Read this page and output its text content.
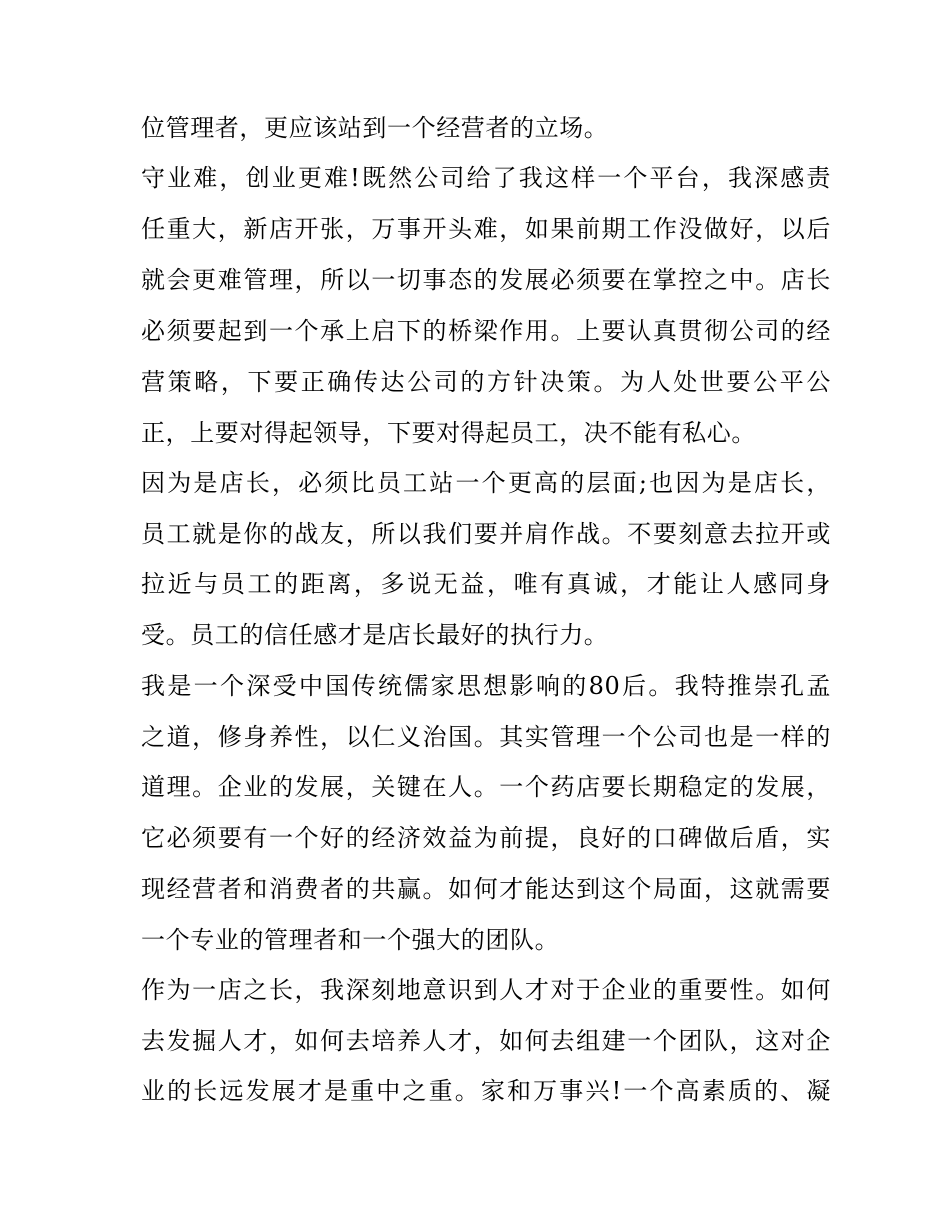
位管理者，更应该站到一个经营者的立场。
守业难，创业更难!既然公司给了我这样一个平台，我深感责
任重大，新店开张，万事开头难，如果前期工作没做好，以后
就会更难管理，所以一切事态的发展必须要在掌控之中。店长
必须要起到一个承上启下的桥梁作用。上要认真贯彻公司的经
营策略，下要正确传达公司的方针决策。为人处世要公平公
正，上要对得起领导，下要对得起员工，决不能有私心。
因为是店长，必须比员工站一个更高的层面;也因为是店长，
员工就是你的战友，所以我们要并肩作战。不要刻意去拉开或
拉近与员工的距离，多说无益，唯有真诚，才能让人感同身
受。员工的信任感才是店长最好的执行力。
我是一个深受中国传统儒家思想影响的80后。我特推崇孔孟
之道，修身养性，以仁义治国。其实管理一个公司也是一样的
道理。企业的发展，关键在人。一个药店要长期稳定的发展，
它必须要有一个好的经济效益为前提，良好的口碑做后盾，实
现经营者和消费者的共赢。如何才能达到这个局面，这就需要
一个专业的管理者和一个强大的团队。
作为一店之长，我深刻地意识到人才对于企业的重要性。如何
去发掘人才，如何去培养人才，如何去组建一个团队，这对企
业的长远发展才是重中之重。家和万事兴!一个高素质的、凝
